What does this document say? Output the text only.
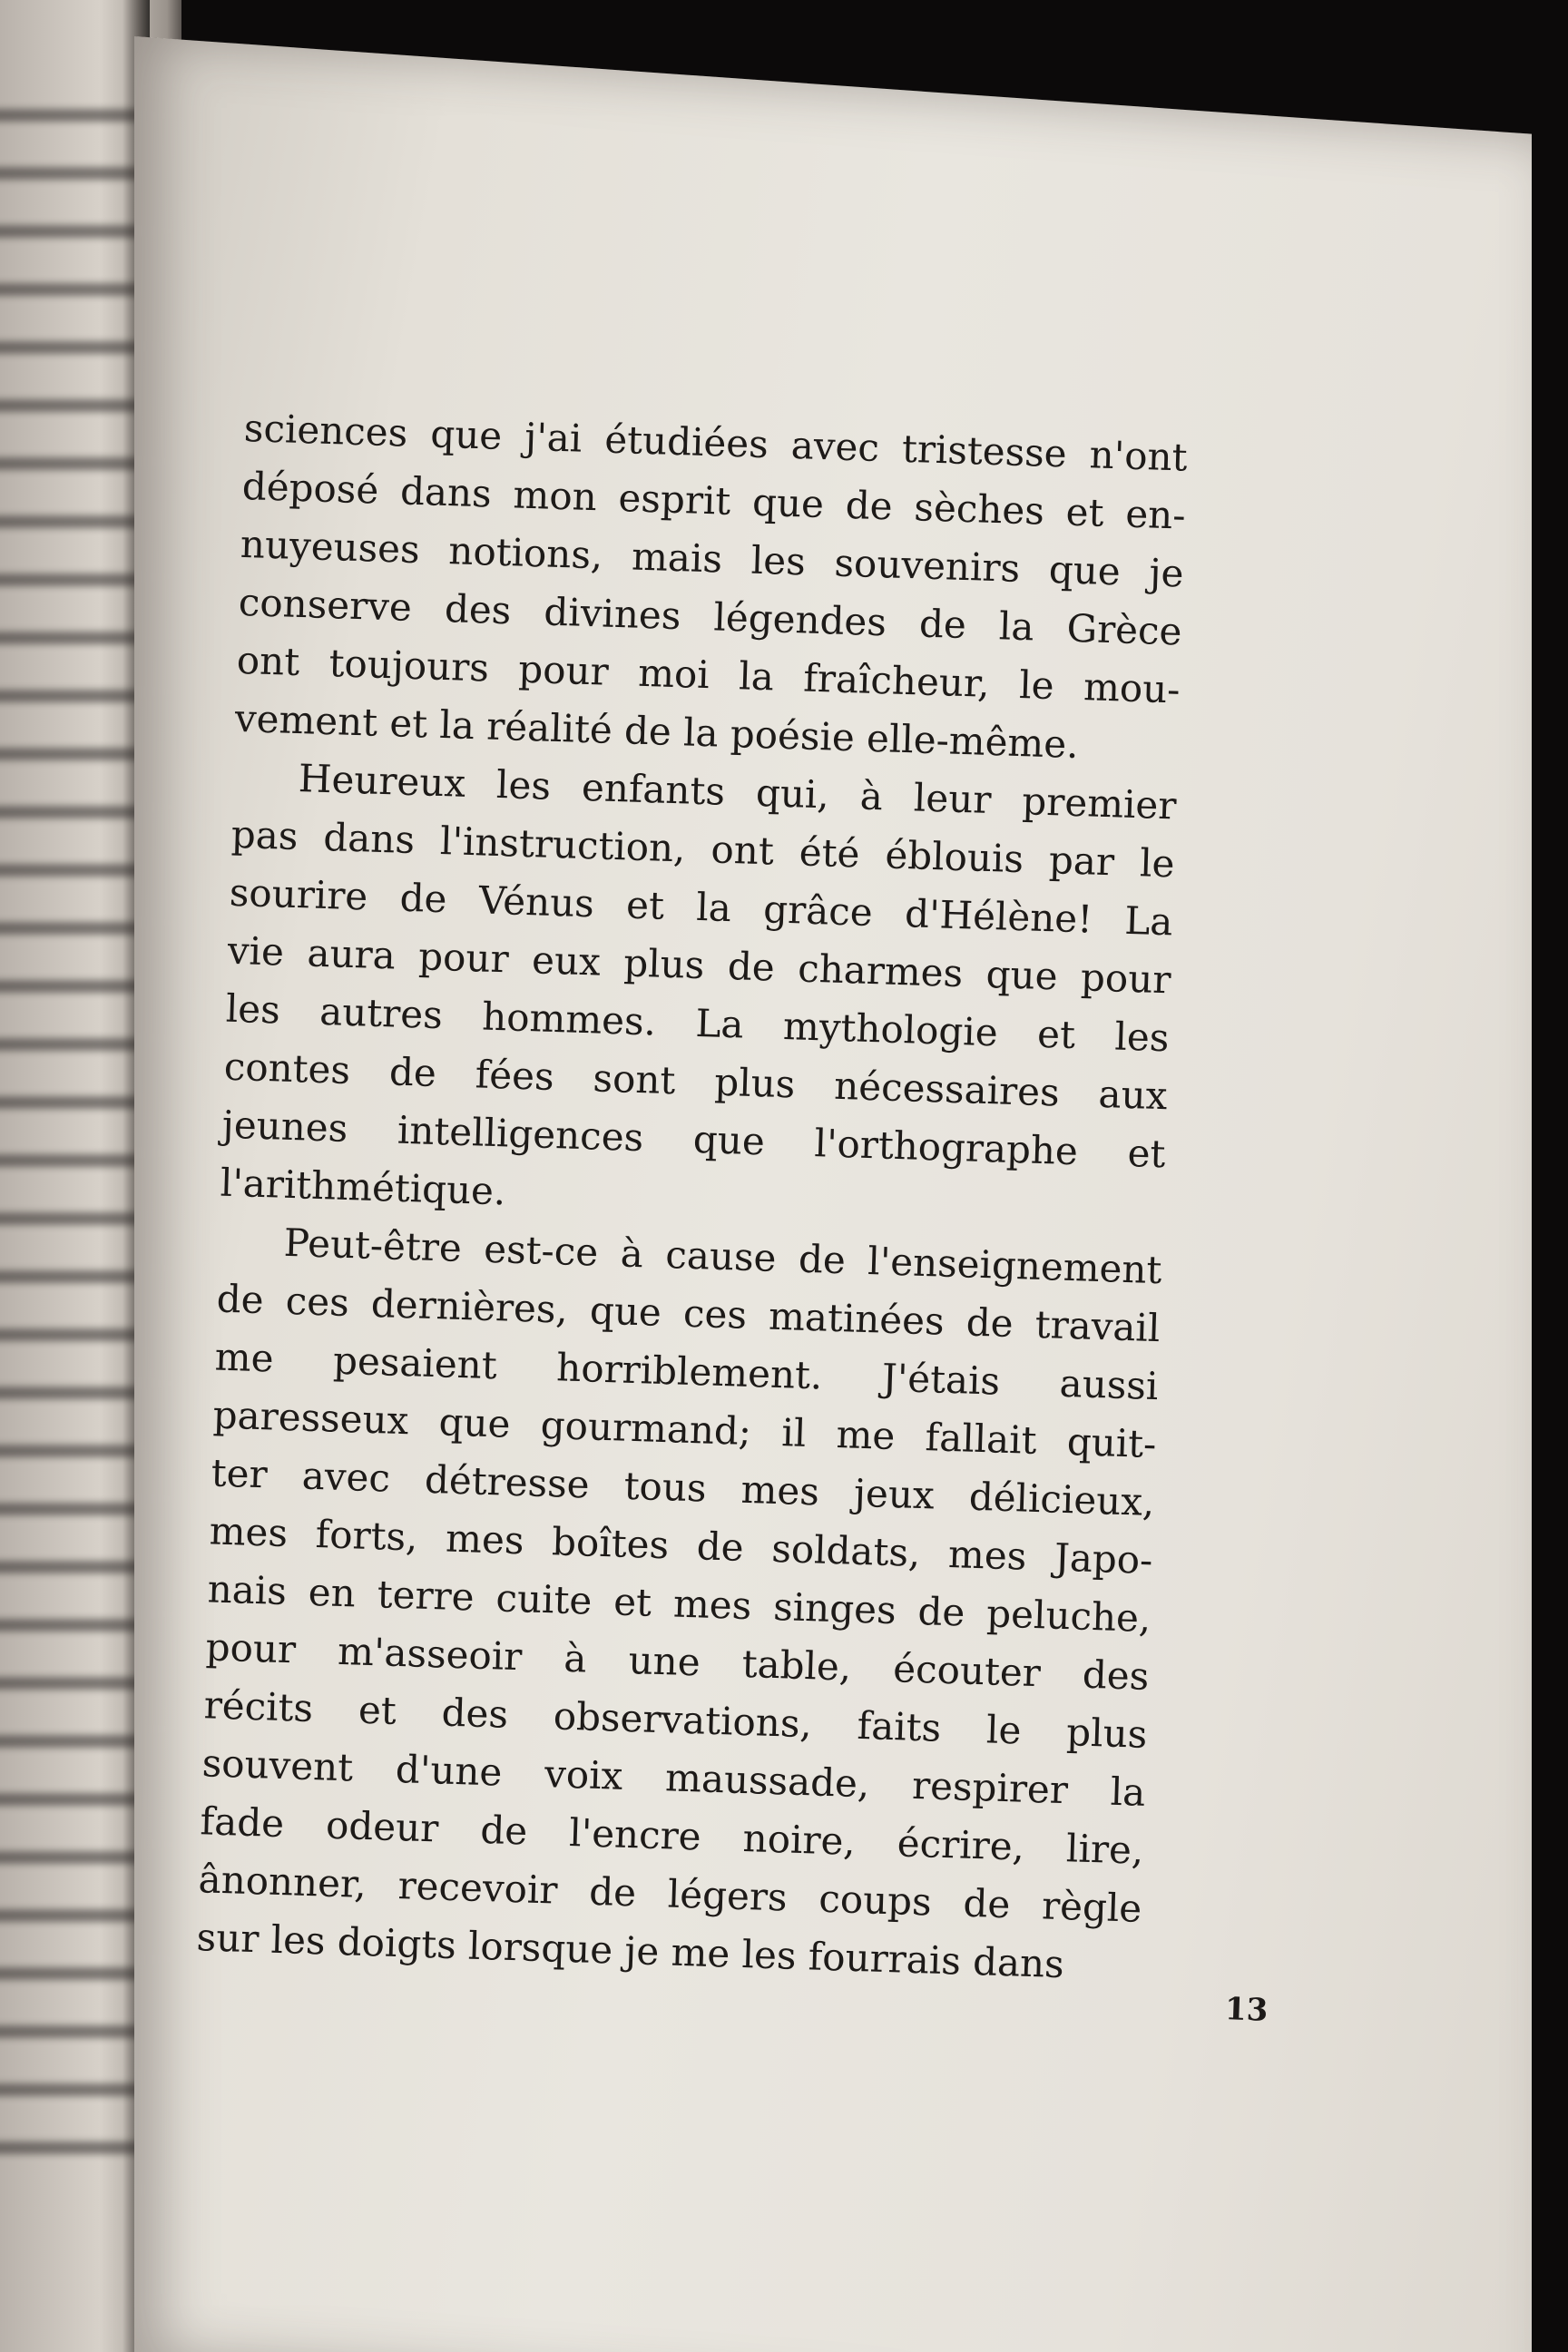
sciences que j'ai étudiées avec tristesse n'ont
déposé dans mon esprit que de sèches et en-
nuyeuses notions, mais les souvenirs que je
conserve des divines légendes de la Grèce
ont toujours pour moi la fraîcheur, le mou-
vement et la réalité de la poésie elle-même.

Heureux les enfants qui, à leur premier
pas dans l'instruction, ont été éblouis par le
sourire de Vénus et la grâce d'Hélène! La
vie aura pour eux plus de charmes que pour
les autres hommes. La mythologie et les
contes de fées sont plus nécessaires aux
jeunes intelligences que l'orthographe et
l'arithmétique.

Peut-être est-ce à cause de l'enseignement
de ces dernières, que ces matinées de travail
me pesaient horriblement. J'étais aussi
paresseux que gourmand; il me fallait quit-
ter avec détresse tous mes jeux délicieux,
mes forts, mes boîtes de soldats, mes Japo-
nais en terre cuite et mes singes de peluche,
pour m'asseoir à une table, écouter des
récits et des observations, faits le plus
souvent d'une voix maussade, respirer la
fade odeur de l'encre noire, écrire, lire,
ânonner, recevoir de légers coups de règle
sur les doigts lorsque je me les fourrais dans

13
